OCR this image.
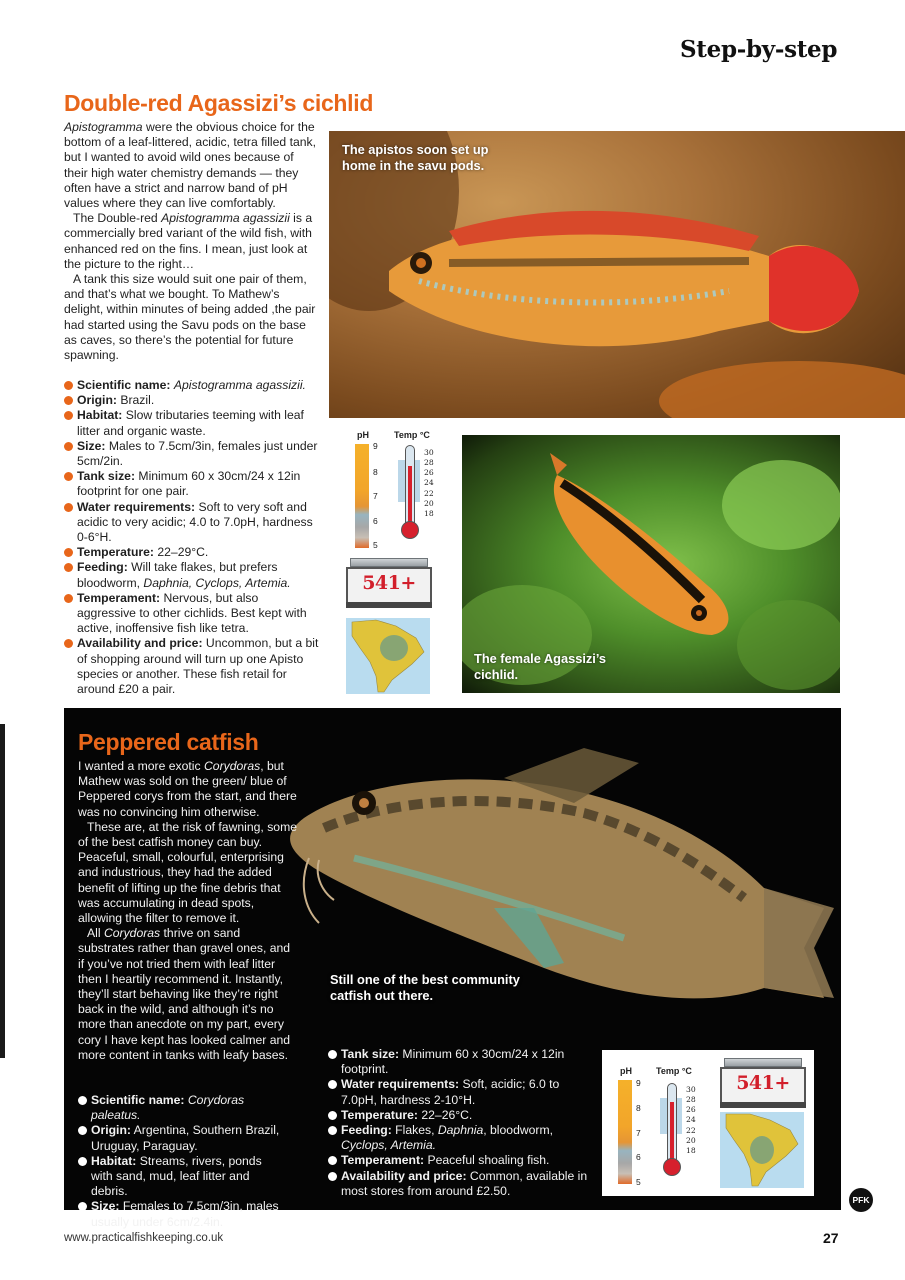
Step-by-step
Double-red Agassizi’s cichlid

Apistogramma were the obvious choice for the bottom of a leaf-littered, acidic, tetra filled tank, but I wanted to avoid wild ones because of their high water chemistry demands — they often have a strict and narrow band of pH values where they can live comfortably.

The Double-red Apistogramma agassizii is a commercially bred variant of the wild fish, with enhanced red on the fins. I mean, just look at the picture to the right…

A tank this size would suit one pair of them, and that’s what we bought. To Mathew’s delight, within minutes of being added ,the pair had started using the Savu pods on the base as caves, so there’s the potential for future spawning.

Scientific name: Apistogramma agassizii.
Origin: Brazil.
Habitat: Slow tributaries teeming with leaf litter and organic waste.
Size: Males to 7.5cm/3in, females just under 5cm/2in.
Tank size: Minimum 60 x 30cm/24 x 12in footprint for one pair.
Water requirements: Soft to very soft and acidic to very acidic; 4.0 to 7.0pH, hardness 0-6°H.
Temperature: 22–29°C.
Feeding: Will take flakes, but prefers bloodworm, Daphnia, Cyclops, Artemia.
Temperament: Nervous, but also aggressive to other cichlids. Best kept with active, inoffensive fish like tetra.
Availability and price: Uncommon, but a bit of shopping around will turn up one Apisto species or another. These fish retail for around £20 a pair.
The apistos soon set up home in the savu pods.
pH
9
8
7
6
5
Temp °C
30
28
26
24
22
20
18
541+
The female Agassizi’s cichlid.
Peppered catfish

I wanted a more exotic Corydoras, but Mathew was sold on the green/ blue of Peppered corys from the start, and there was no convincing him otherwise.

These are, at the risk of fawning, some of the best catfish money can buy. Peaceful, small, colourful, enterprising and industrious, they had the added benefit of lifting up the fine debris that was accumulating in dead spots, allowing the filter to remove it.

All Corydoras thrive on sand substrates rather than gravel ones, and if you’ve not tried them with leaf litter then I heartily recommend it. Instantly, they’ll start behaving like they’re right back in the wild, and although it’s no more than anecdote on my part, every cory I have kept has looked calmer and more content in tanks with leafy bases.

Still one of the best community catfish out there.
Scientific name: Corydoras paleatus.
Origin: Argentina, Southern Brazil, Uruguay, Paraguay.
Habitat: Streams, rivers, ponds with sand, mud, leaf litter and debris.
Size: Females to 7.5cm/3in, males usually under 6cm/2.4in.
Tank size: Minimum 60 x 30cm/24 x 12in footprint.
Water requirements: Soft, acidic; 6.0 to 7.0pH, hardness 2-10°H.
Temperature: 22–26°C.
Feeding: Flakes, Daphnia, bloodworm, Cyclops, Artemia.
Temperament: Peaceful shoaling fish.
Availability and price: Common, available in most stores from around £2.50.
pH
9
8
7
6
5
Temp °C
30
28
26
24
22
20
18
541+
PFK
www.practicalfishkeeping.co.uk	27
